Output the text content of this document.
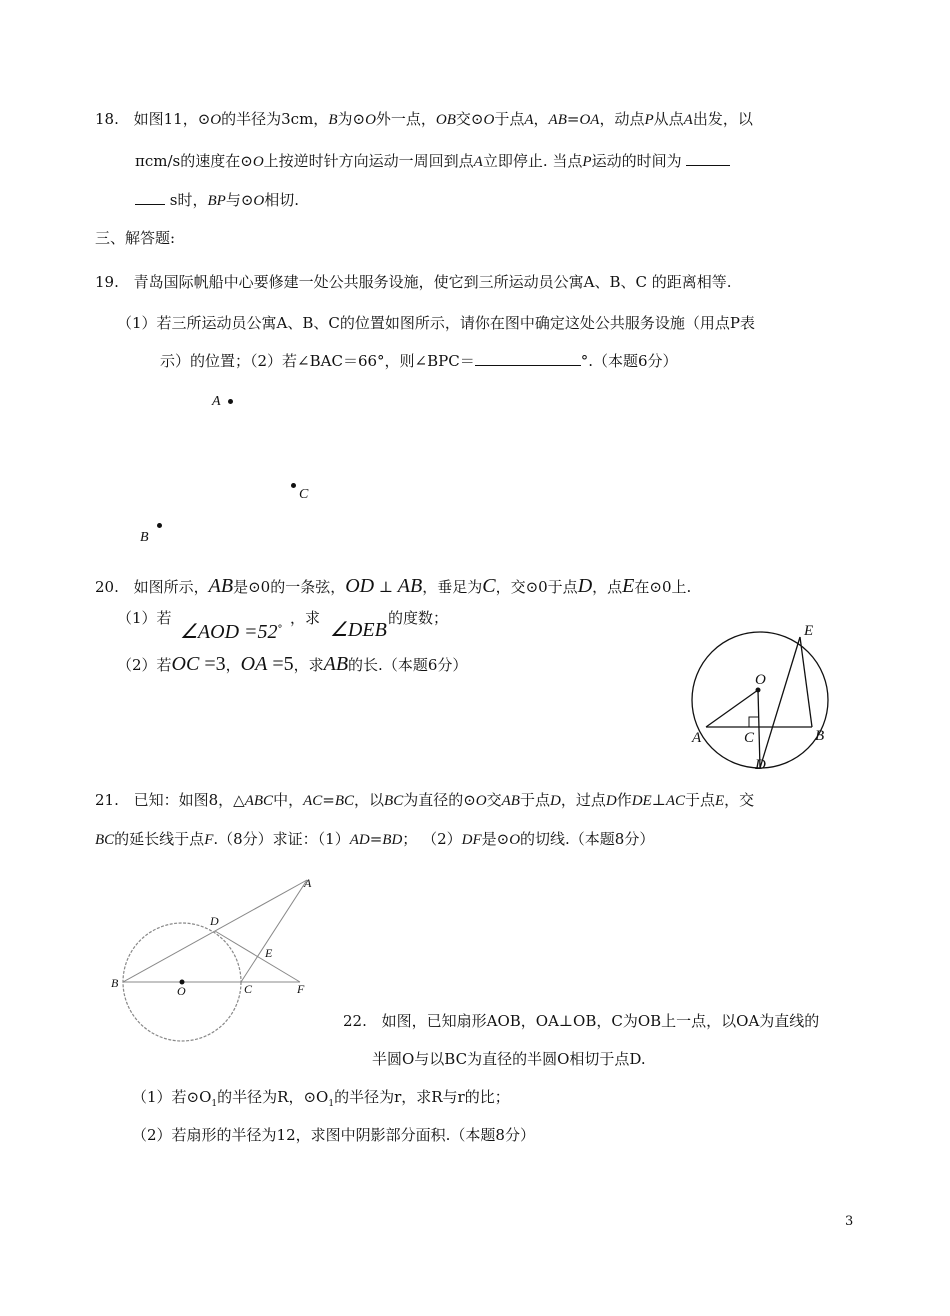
18. 如图11，⊙O的半径为3cm，B为⊙O外一点，OB交⊙O于点A，AB=OA，动点P从点A出发，以
πcm/s的速度在⊙O上按逆时针方向运动一周回到点A立即停止. 当点P运动的时间为
s时，BP与⊙O相切.
三、解答题:
19. 青岛国际帆船中心要修建一处公共服务设施，使它到三所运动员公寓A、B、C 的距离相等.
（1）若三所运动员公寓A、B、C的位置如图所示，请你在图中确定这处公共服务设施（用点P表
示）的位置；（2）若∠BAC＝66°，则∠BPC＝	°.（本题6分）
A
C
B
20. 如图所示，AB是⊙0的一条弦，OD ⊥ AB，垂足为C，交⊙0于点D，点E在⊙0上.
（1）若
∠AOD =52°
，求
∠DEB
的度数；
（2）若OC =3，OA =5，求AB的长.（本题6分）
E
O
A	C	B
D
21. 已知：如图8，△ABC中，AC=BC，以BC为直径的⊙O交AB于点D，过点D作DE⊥AC于点E，交
BC的延长线于点F.（8分）求证：（1）AD=BD； （2）DF是⊙O的切线.（本题8分）
A
D
E
B
O	C	F
22. 如图，已知扇形AOB，OA⊥OB，C为OB上一点，以OA为直线的
半圆O与以BC为直径的半圆O相切于点D.
（1）若$⊙O_1$的半径为R，$⊙O_1$的半径为r，求R与r的比；
（2）若扇形的半径为12，求图中阴影部分面积.（本题8分）
3
